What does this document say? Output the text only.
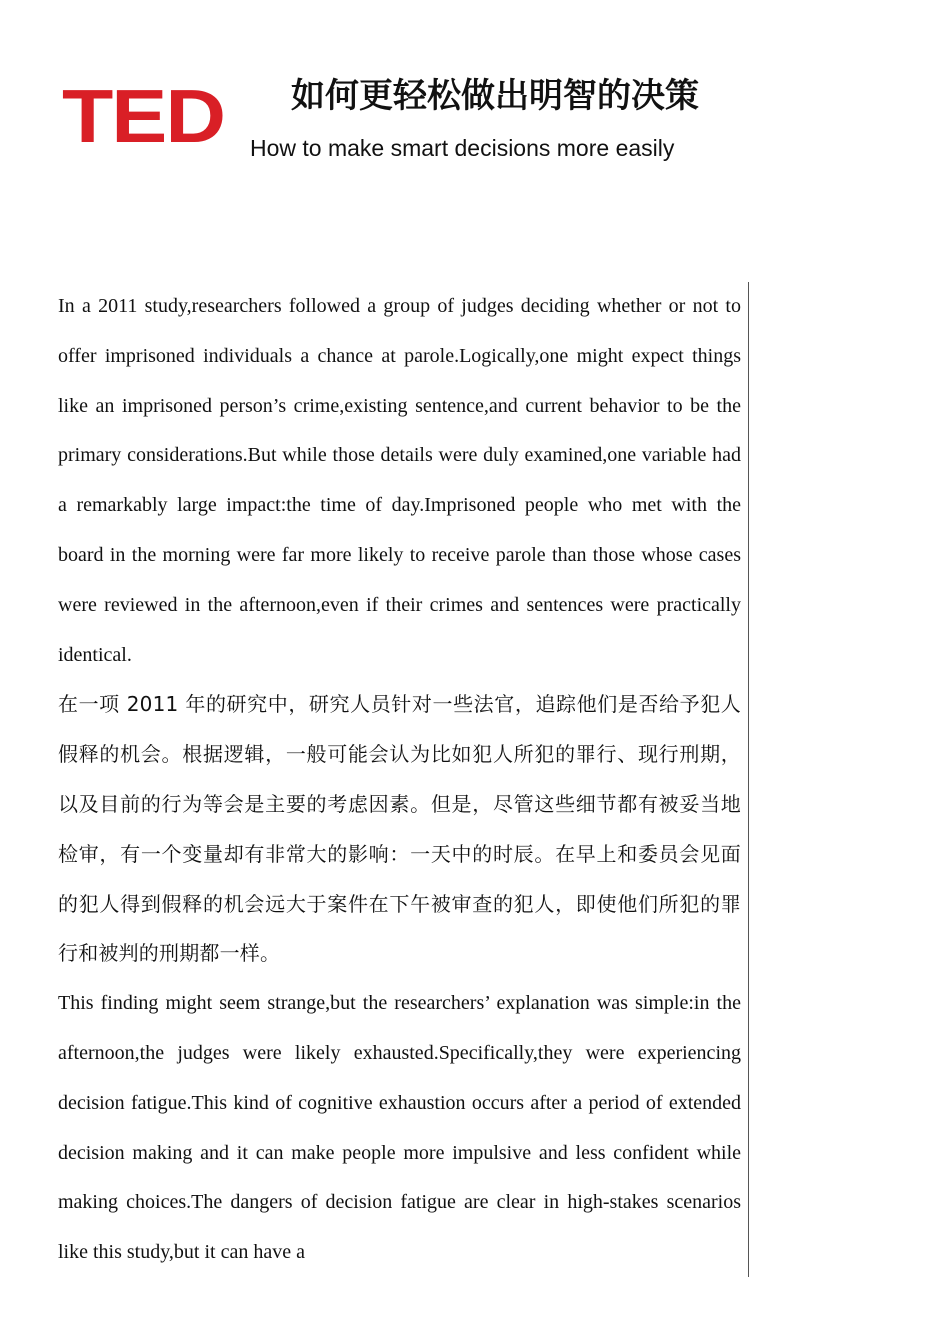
TED	如何更轻松做出明智的决策
How to make smart decisions more easily

In a 2011 study,researchers followed a group of judges deciding whether or not to offer imprisoned individuals a chance at parole.Logically,one might expect things like an imprisoned person’s crime,existing sentence,and current behavior to be the primary considerations.But while those details were duly examined,one variable had a remarkably large impact:the time of day.Imprisoned people who met with the board in the morning were far more likely to receive parole than those whose cases were reviewed in the afternoon,even if their crimes and sentences were practically identical.

在一项 2011 年的研究中，研究人员针对一些法官，追踪他们是否给予犯人假释的机会。根据逻辑，一般可能会认为比如犯人所犯的罪行、现行刑期，以及目前的行为等会是主要的考虑因素。但是，尽管这些细节都有被妥当地检审，有一个变量却有非常大的影响：一天中的时辰。在早上和委员会见面的犯人得到假释的机会远大于案件在下午被审查的犯人，即使他们所犯的罪行和被判的刑期都一样。

This finding might seem strange,but the researchers’ explanation was simple:in the afternoon,the judges were likely exhausted.Specifically,they were experiencing decision fatigue.This kind of cognitive exhaustion occurs after a period of extended decision making and it can make people more impulsive and less confident while making choices.The dangers of decision fatigue are clear in high-stakes scenarios like this study,but it can have a
